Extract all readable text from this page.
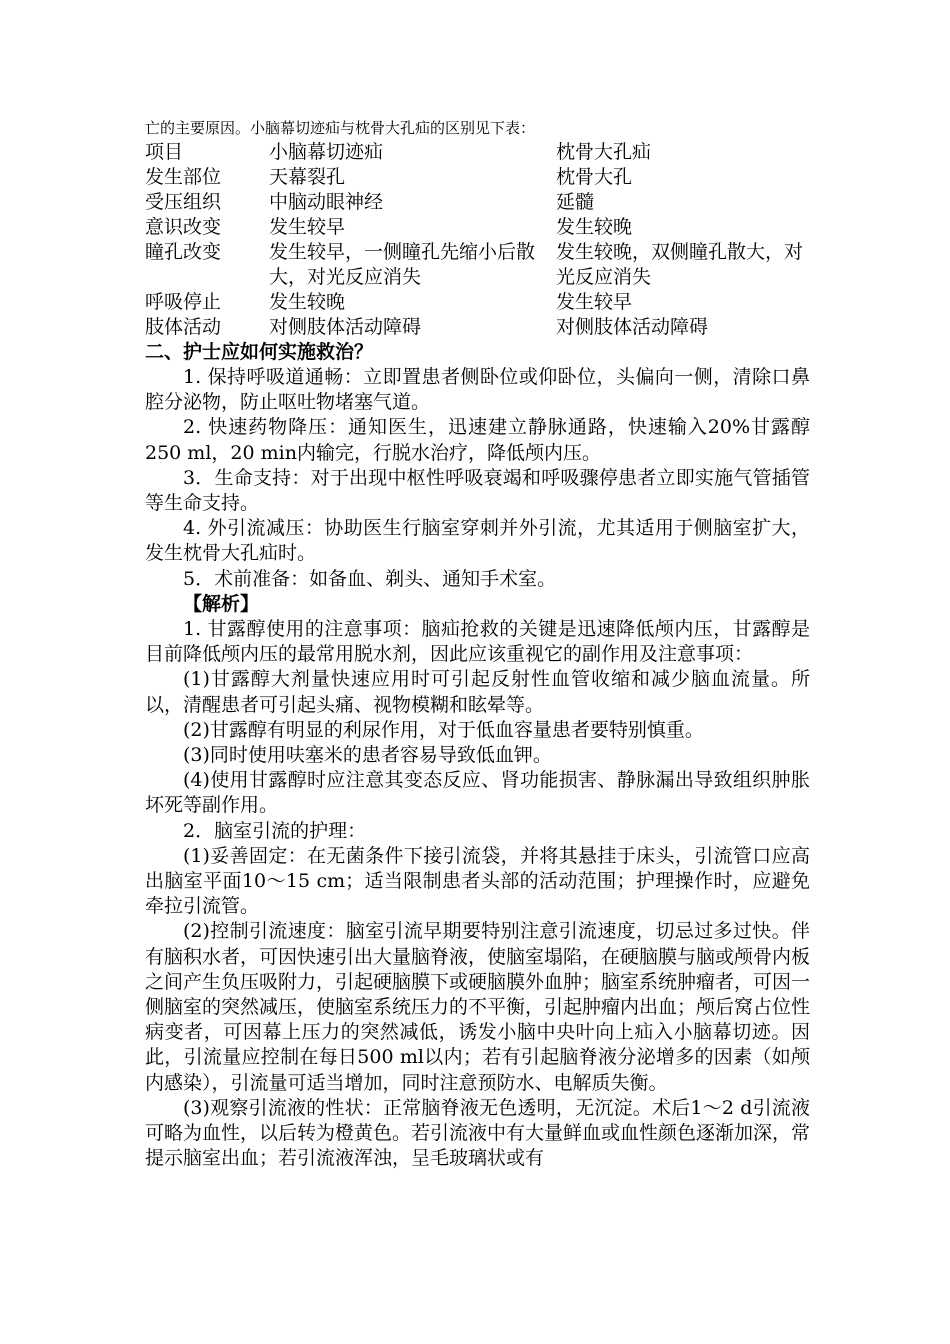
亡的主要原因。小脑幕切迹疝与枕骨大孔疝的区别见下表：

项目	小脑幕切迹疝	枕骨大孔疝
发生部位	天幕裂孔	枕骨大孔
受压组织	中脑动眼神经	延髓
意识改变	发生较早	发生较晚
瞳孔改变	发生较早，一侧瞳孔先缩小后散大，对光反应消失	发生较晚，双侧瞳孔散大，对光反应消失
呼吸停止	发生较晚	发生较早
肢体活动	对侧肢体活动障碍	对侧肢体活动障碍

二、护士应如何实施救治？

1. 保持呼吸道通畅：立即置患者侧卧位或仰卧位，头偏向一侧，清除口鼻腔分泌物，防止呕吐物堵塞气道。

2. 快速药物降压：通知医生，迅速建立静脉通路，快速输入20%甘露醇250 ml，20 min内输完，行脱水治疗，降低颅内压。

3．生命支持：对于出现中枢性呼吸衰竭和呼吸骤停患者立即实施气管插管等生命支持。

4. 外引流减压：协助医生行脑室穿刺并外引流，尤其适用于侧脑室扩大，发生枕骨大孔疝时。

5．术前准备：如备血、剃头、通知手术室。

【解析】

1. 甘露醇使用的注意事项：脑疝抢救的关键是迅速降低颅内压，甘露醇是目前降低颅内压的最常用脱水剂，因此应该重视它的副作用及注意事项：

(1)甘露醇大剂量快速应用时可引起反射性血管收缩和减少脑血流量。所以，清醒患者可引起头痛、视物模糊和眩晕等。

(2)甘露醇有明显的利尿作用，对于低血容量患者要特别慎重。

(3)同时使用呋塞米的患者容易导致低血钾。

(4)使用甘露醇时应注意其变态反应、肾功能损害、静脉漏出导致组织肿胀坏死等副作用。

2．脑室引流的护理：

(1)妥善固定：在无菌条件下接引流袋，并将其悬挂于床头，引流管口应高出脑室平面10～15 cm；适当限制患者头部的活动范围；护理操作时，应避免牵拉引流管。

(2)控制引流速度：脑室引流早期要特别注意引流速度，切忌过多过快。伴有脑积水者，可因快速引出大量脑脊液，使脑室塌陷，在硬脑膜与脑或颅骨内板之间产生负压吸附力，引起硬脑膜下或硬脑膜外血肿；脑室系统肿瘤者，可因一侧脑室的突然减压，使脑室系统压力的不平衡，引起肿瘤内出血；颅后窝占位性病变者，可因幕上压力的突然减低，诱发小脑中央叶向上疝入小脑幕切迹。因此，引流量应控制在每日500 ml以内；若有引起脑脊液分泌增多的因素（如颅内感染），引流量可适当增加，同时注意预防水、电解质失衡。

(3)观察引流液的性状：正常脑脊液无色透明，无沉淀。术后1～2 d引流液可略为血性，以后转为橙黄色。若引流液中有大量鲜血或血性颜色逐渐加深，常提示脑室出血；若引流液浑浊，呈毛玻璃状或有
